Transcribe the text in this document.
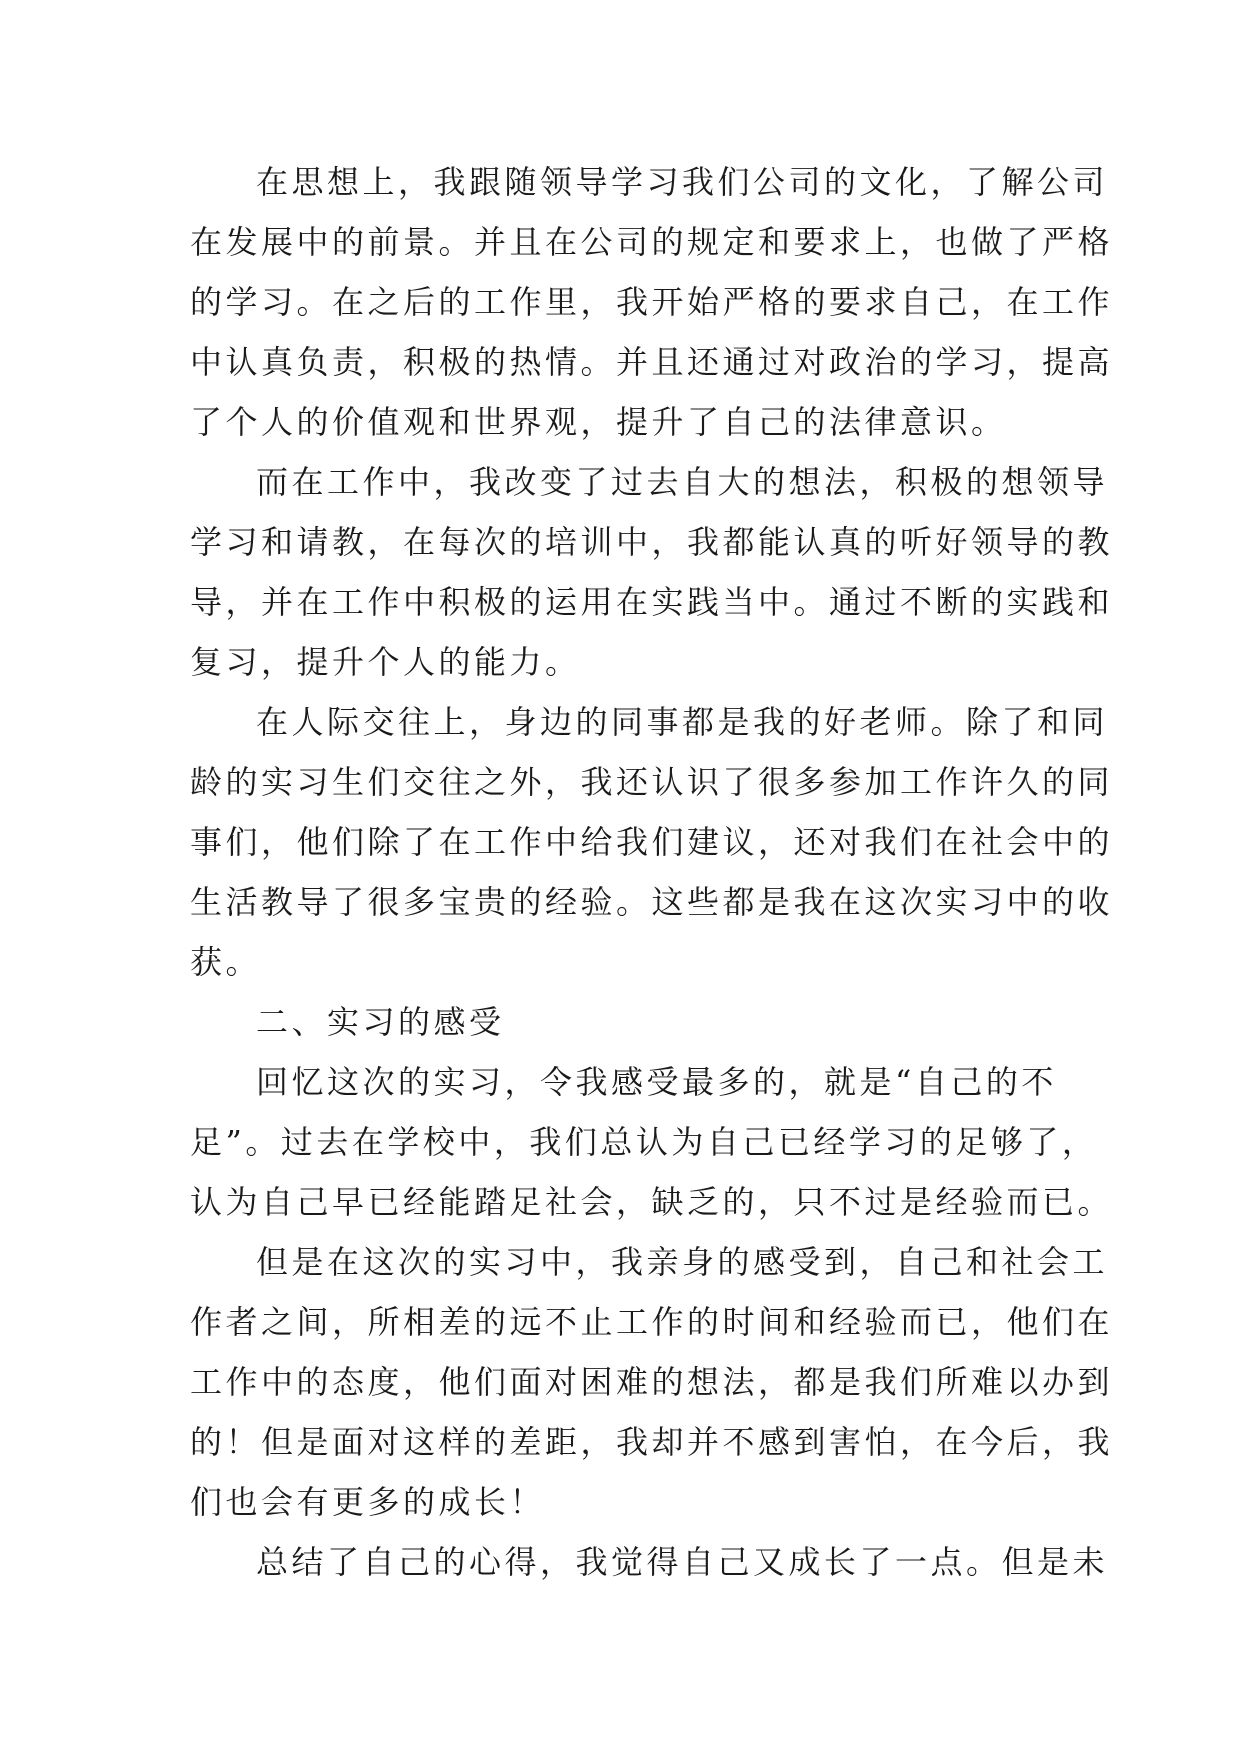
在思想上，我跟随领导学习我们公司的文化，了解公司
在发展中的前景。并且在公司的规定和要求上，也做了严格
的学习。在之后的工作里，我开始严格的要求自己，在工作
中认真负责，积极的热情。并且还通过对政治的学习，提高
了个人的价值观和世界观，提升了自己的法律意识。
而在工作中，我改变了过去自大的想法，积极的想领导
学习和请教，在每次的培训中，我都能认真的听好领导的教
导，并在工作中积极的运用在实践当中。通过不断的实践和
复习，提升个人的能力。
在人际交往上，身边的同事都是我的好老师。除了和同
龄的实习生们交往之外，我还认识了很多参加工作许久的同
事们，他们除了在工作中给我们建议，还对我们在社会中的
生活教导了很多宝贵的经验。这些都是我在这次实习中的收
获。
二、实习的感受
回忆这次的实习，令我感受最多的，就是“自己的不
足”。过去在学校中，我们总认为自己已经学习的足够了，
认为自己早已经能踏足社会，缺乏的，只不过是经验而已。
但是在这次的实习中，我亲身的感受到，自己和社会工
作者之间，所相差的远不止工作的时间和经验而已，他们在
工作中的态度，他们面对困难的想法，都是我们所难以办到
的！但是面对这样的差距，我却并不感到害怕，在今后，我
们也会有更多的成长！
总结了自己的心得，我觉得自己又成长了一点。但是未
